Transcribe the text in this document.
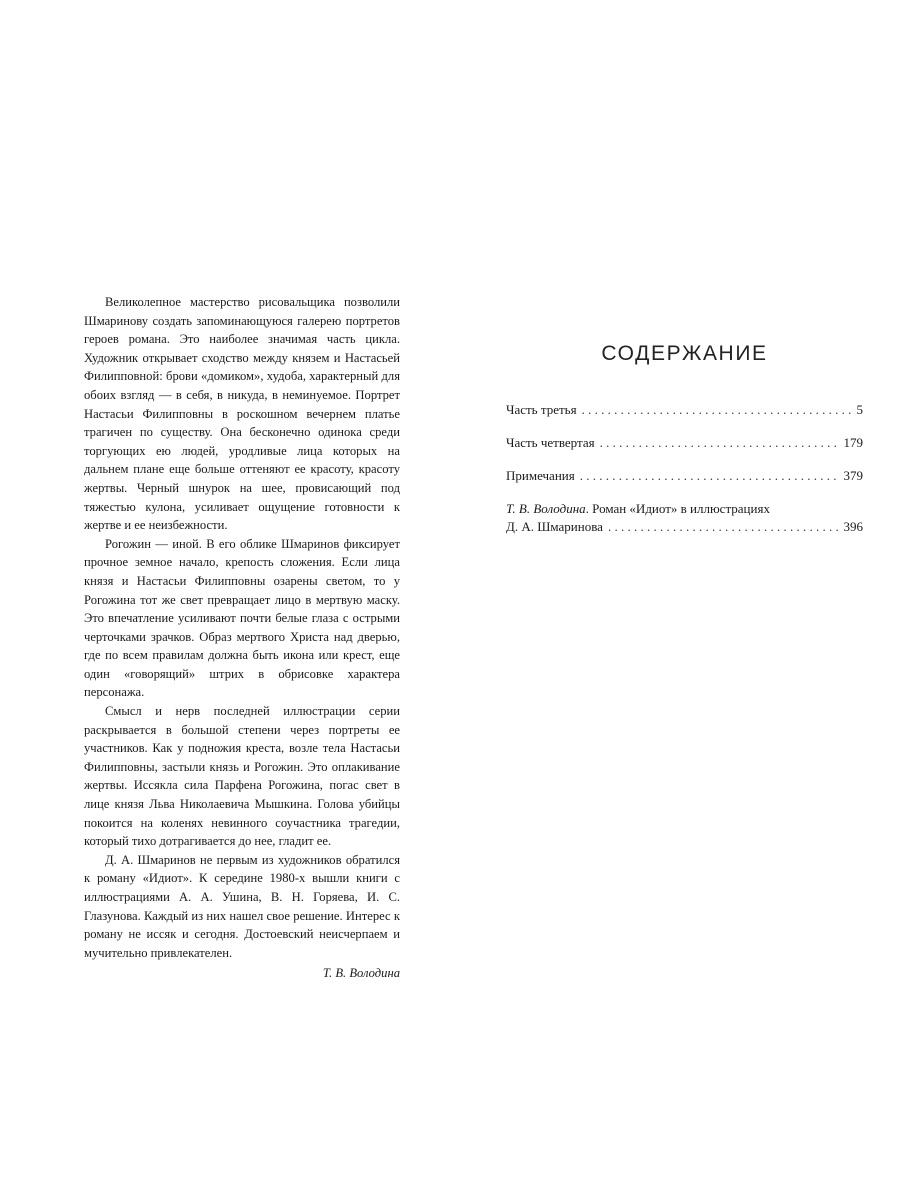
Великолепное мастерство рисовальщика позволили Шмаринову создать запоминающуюся галерею портретов героев романа. Это наиболее значимая часть цикла. Художник открывает сходство между князем и Настасьей Филипповной: брови «домиком», худоба, характерный для обоих взгляд — в себя, в никуда, в неминуемое. Портрет Настасьи Филипповны в роскошном вечернем платье трагичен по существу. Она бесконечно одинока среди торгующих ею людей, уродливые лица которых на дальнем плане еще больше оттеняют ее красоту, красоту жертвы. Черный шнурок на шее, провисающий под тяжестью кулона, усиливает ощущение готовности к жертве и ее неизбежности.

Рогожин — иной. В его облике Шмаринов фиксирует прочное земное начало, крепость сложения. Если лица князя и Настасьи Филипповны озарены светом, то у Рогожина тот же свет превращает лицо в мертвую маску. Это впечатление усиливают почти белые глаза с острыми черточками зрачков. Образ мертвого Христа над дверью, где по всем правилам должна быть икона или крест, еще один «говорящий» штрих в обрисовке характера персонажа.

Смысл и нерв последней иллюстрации серии раскрывается в большой степени через портреты ее участников. Как у подножия креста, возле тела Настасьи Филипповны, застыли князь и Рогожин. Это оплакивание жертвы. Иссякла сила Парфена Рогожина, погас свет в лице князя Льва Николаевича Мышкина. Голова убийцы покоится на коленях невинного соучастника трагедии, который тихо дотрагивается до нее, гладит ее.

Д. А. Шмаринов не первым из художников обратился к роману «Идиот». К середине 1980-х вышли книги с иллюстрациями А. А. Ушина, В. Н. Горяева, И. С. Глазунова. Каждый из них нашел свое решение. Интерес к роману не иссяк и сегодня. Достоевский неисчерпаем и мучительно привлекателен.

Т. В. Володина

СОДЕРЖАНИЕ
Часть третья . . .	5
Часть четвертая . . .	179
Примечания . . .	379
Т. В. Володина. Роман «Идиот» в иллюстрациях
Д. А. Шмаринова . . .	396
